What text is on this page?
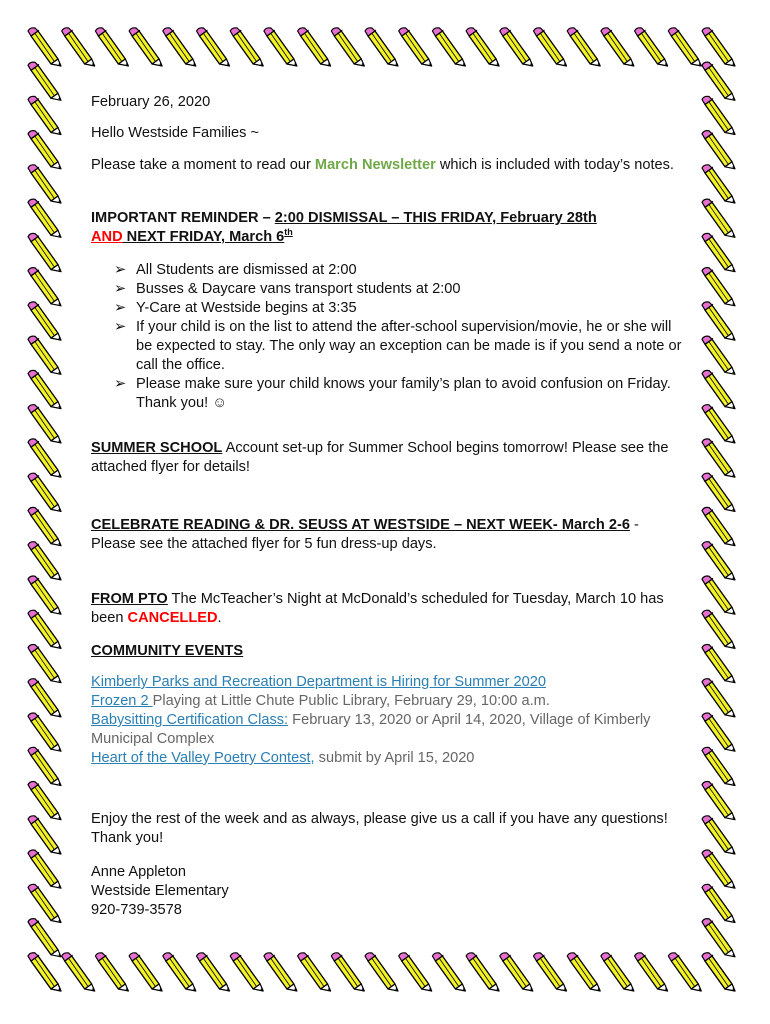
February 26, 2020

Hello Westside Families ~

Please take a moment to read our March Newsletter which is included with today’s notes.

IMPORTANT REMINDER – 2:00 DISMISSAL – THIS FRIDAY, February 28th
AND NEXT FRIDAY, March 6th

➢ All Students are dismissed at 2:00
➢ Busses & Daycare vans transport students at 2:00
➢ Y-Care at Westside begins at 3:35
➢ If your child is on the list to attend the after-school supervision/movie, he or she will be expected to stay. The only way an exception can be made is if you send a note or call the office.
➢ Please make sure your child knows your family’s plan to avoid confusion on Friday. Thank you! ☺

SUMMER SCHOOL Account set-up for Summer School begins tomorrow! Please see the attached flyer for details!

CELEBRATE READING & DR. SEUSS AT WESTSIDE – NEXT WEEK- March 2-6 - Please see the attached flyer for 5 fun dress-up days.

FROM PTO The McTeacher’s Night at McDonald’s scheduled for Tuesday, March 10 has been CANCELLED.

COMMUNITY EVENTS

Kimberly Parks and Recreation Department is Hiring for Summer 2020
Frozen 2 Playing at Little Chute Public Library, February 29, 10:00 a.m.
Babysitting Certification Class: February 13, 2020 or April 14, 2020, Village of Kimberly Municipal Complex
Heart of the Valley Poetry Contest, submit by April 15, 2020

Enjoy the rest of the week and as always, please give us a call if you have any questions! Thank you!

Anne Appleton
Westside Elementary
920-739-3578
